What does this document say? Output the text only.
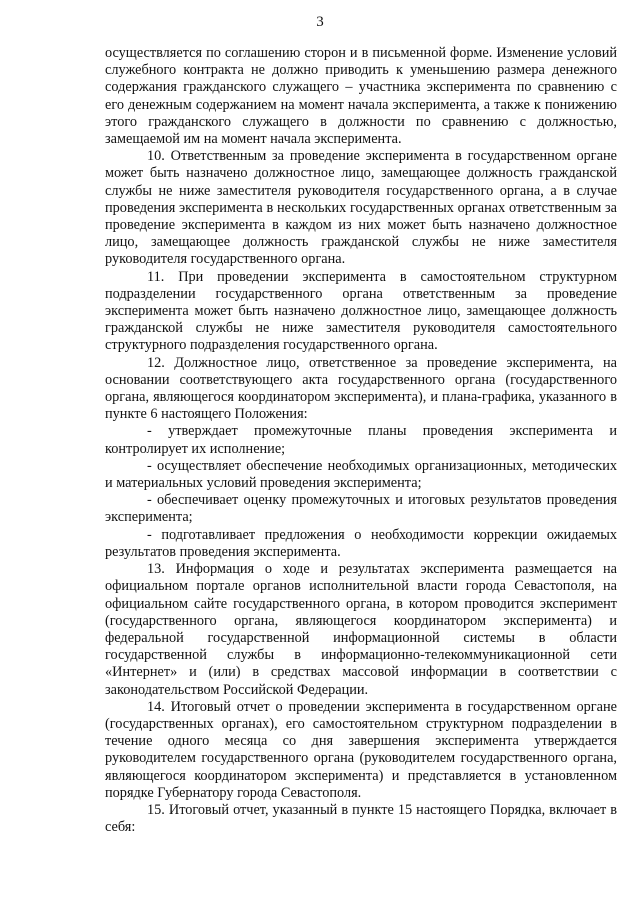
3

осуществляется по соглашению сторон и в письменной форме. Изменение условий служебного контракта не должно приводить к уменьшению размера денежного содержания гражданского служащего – участника эксперимента по сравнению с его денежным содержанием на момент начала эксперимента, а также к понижению этого гражданского служащего в должности по сравнению с должностью, замещаемой им на момент начала эксперимента.

10. Ответственным за проведение эксперимента в государственном органе может быть назначено должностное лицо, замещающее должность гражданской службы не ниже заместителя руководителя государственного органа, а в случае проведения эксперимента в нескольких государственных органах ответственным за проведение эксперимента в каждом из них может быть назначено должностное лицо, замещающее должность гражданской службы не ниже заместителя руководителя государственного органа.

11. При проведении эксперимента в самостоятельном структурном подразделении государственного органа ответственным за проведение эксперимента может быть назначено должностное лицо, замещающее должность гражданской службы не ниже заместителя руководителя самостоятельного структурного подразделения государственного органа.

12. Должностное лицо, ответственное за проведение эксперимента, на основании соответствующего акта государственного органа (государственного органа, являющегося координатором эксперимента), и плана-графика, указанного в пункте 6 настоящего Положения:

- утверждает промежуточные планы проведения эксперимента и контролирует их исполнение;

- осуществляет обеспечение необходимых организационных, методических и материальных условий проведения эксперимента;

- обеспечивает оценку промежуточных и итоговых результатов проведения эксперимента;

- подготавливает предложения о необходимости коррекции ожидаемых результатов проведения эксперимента.

13. Информация о ходе и результатах эксперимента размещается на официальном портале органов исполнительной власти города Севастополя, на официальном сайте государственного органа, в котором проводится эксперимент (государственного органа, являющегося координатором эксперимента) и федеральной государственной информационной системы в области государственной службы в информационно-телекоммуникационной сети «Интернет» и (или) в средствах массовой информации в соответствии с законодательством Российской Федерации.

14. Итоговый отчет о проведении эксперимента в государственном органе (государственных органах), его самостоятельном структурном подразделении в течение одного месяца со дня завершения эксперимента утверждается руководителем государственного органа (руководителем государственного органа, являющегося координатором эксперимента) и представляется в установленном порядке Губернатору города Севастополя.

15. Итоговый отчет, указанный в пункте 15 настоящего Порядка, включает в себя:
